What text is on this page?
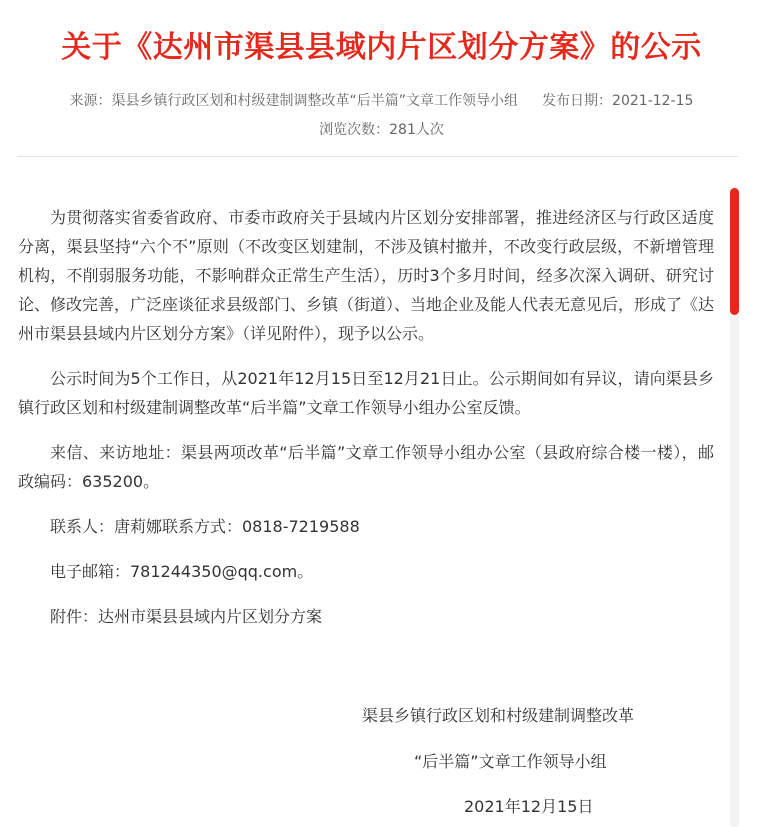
关于《达州市渠县县域内片区划分方案》的公示
来源：渠县乡镇行政区划和村级建制调整改革“后半篇”文章工作领导小组 发布日期：2021-12-15
浏览次数：281人次

为贯彻落实省委省政府、市委市政府关于县域内片区划分安排部署，推进经济区与行政区适度分离，渠县坚持“六个不”原则（不改变区划建制，不涉及镇村撤并，不改变行政层级，不新增管理机构，不削弱服务功能，不影响群众正常生产生活），历时3个多月时间，经多次深入调研、研究讨论、修改完善，广泛座谈征求县级部门、乡镇（街道）、当地企业及能人代表无意见后，形成了《达州市渠县县域内片区划分方案》（详见附件），现予以公示。

公示时间为5个工作日，从2021年12月15日至12月21日止。公示期间如有异议，请向渠县乡镇行政区划和村级建制调整改革“后半篇”文章工作领导小组办公室反馈。

来信、来访地址：渠县两项改革“后半篇”文章工作领导小组办公室（县政府综合楼一楼），邮政编码：635200。

联系人：唐莉娜联系方式：0818-7219588

电子邮箱：781244350@qq.com。

附件：达州市渠县县域内片区划分方案

渠县乡镇行政区划和村级建制调整改革
“后半篇”文章工作领导小组
2021年12月15日
